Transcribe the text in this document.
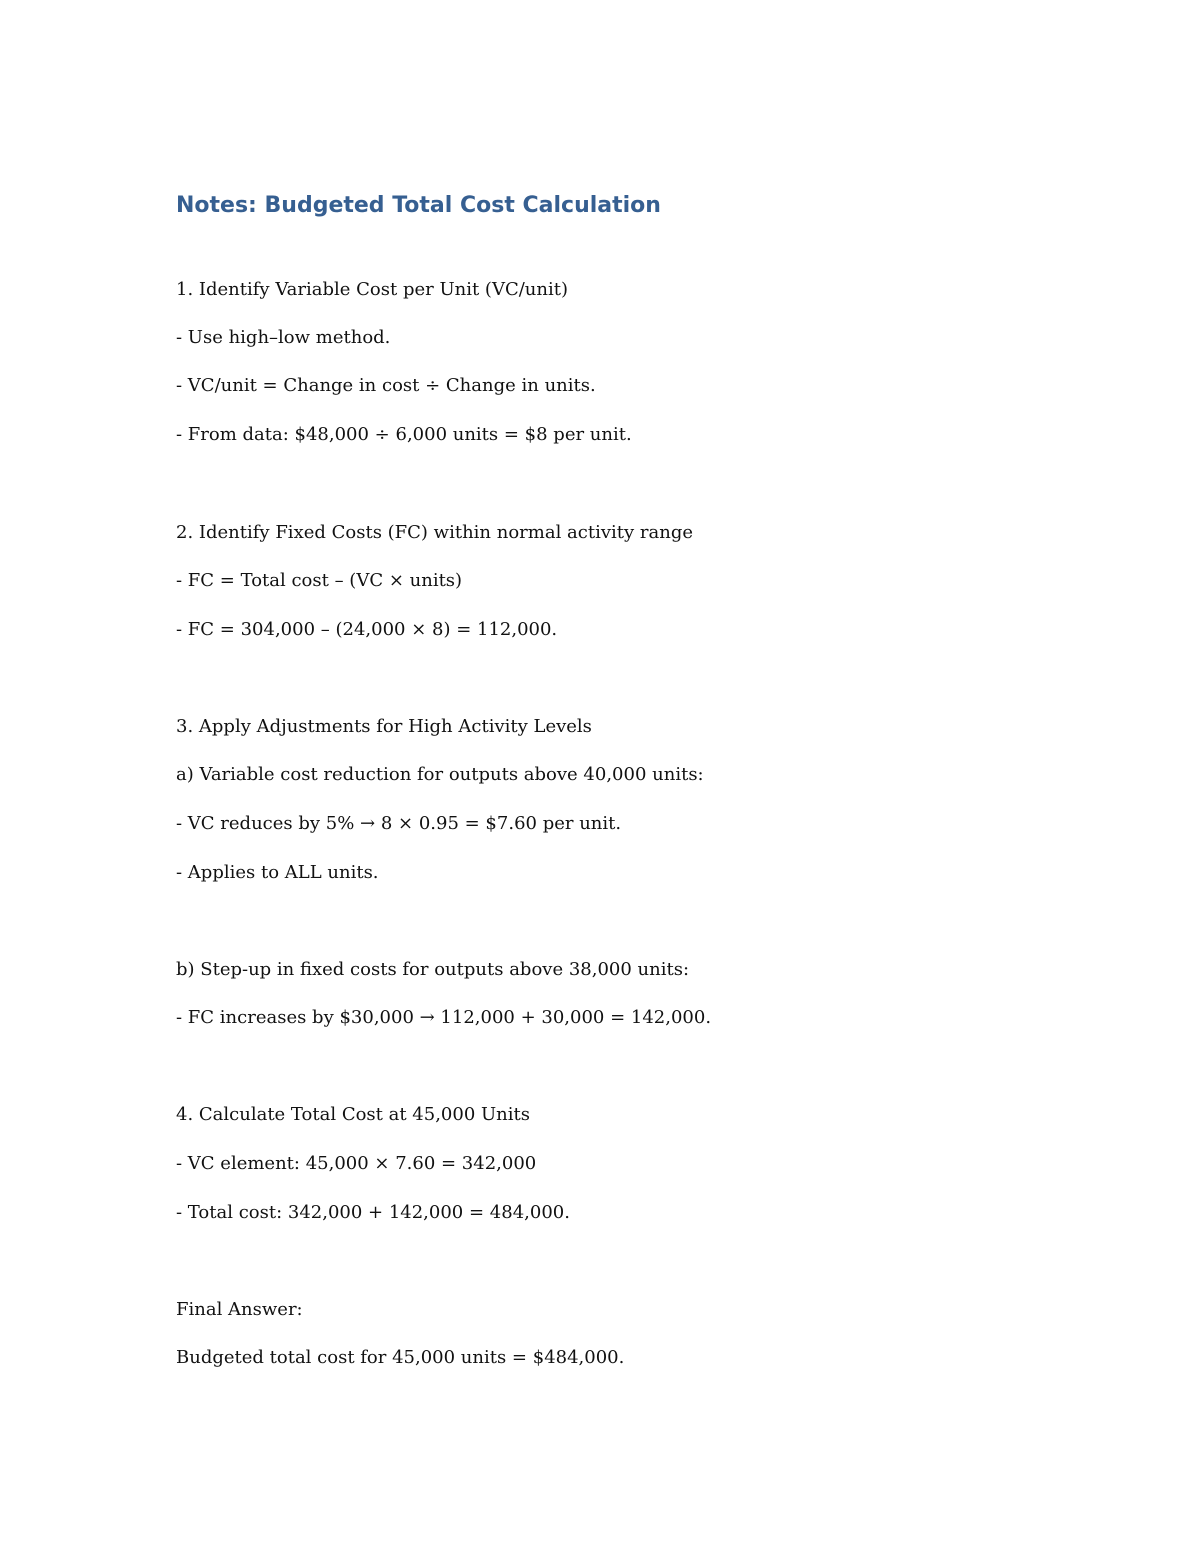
Notes: Budgeted Total Cost Calculation

1. Identify Variable Cost per Unit (VC/unit)

- Use high–low method.

- VC/unit = Change in cost ÷ Change in units.

- From data: $48,000 ÷ 6,000 units = $8 per unit.

2. Identify Fixed Costs (FC) within normal activity range

- FC = Total cost – (VC × units)

- FC = 304,000 – (24,000 × 8) = 112,000.

3. Apply Adjustments for High Activity Levels

a) Variable cost reduction for outputs above 40,000 units:

- VC reduces by 5% → 8 × 0.95 = $7.60 per unit.

- Applies to ALL units.

b) Step-up in fixed costs for outputs above 38,000 units:

- FC increases by $30,000 → 112,000 + 30,000 = 142,000.

4. Calculate Total Cost at 45,000 Units

- VC element: 45,000 × 7.60 = 342,000

- Total cost: 342,000 + 142,000 = 484,000.

Final Answer:

Budgeted total cost for 45,000 units = $484,000.
